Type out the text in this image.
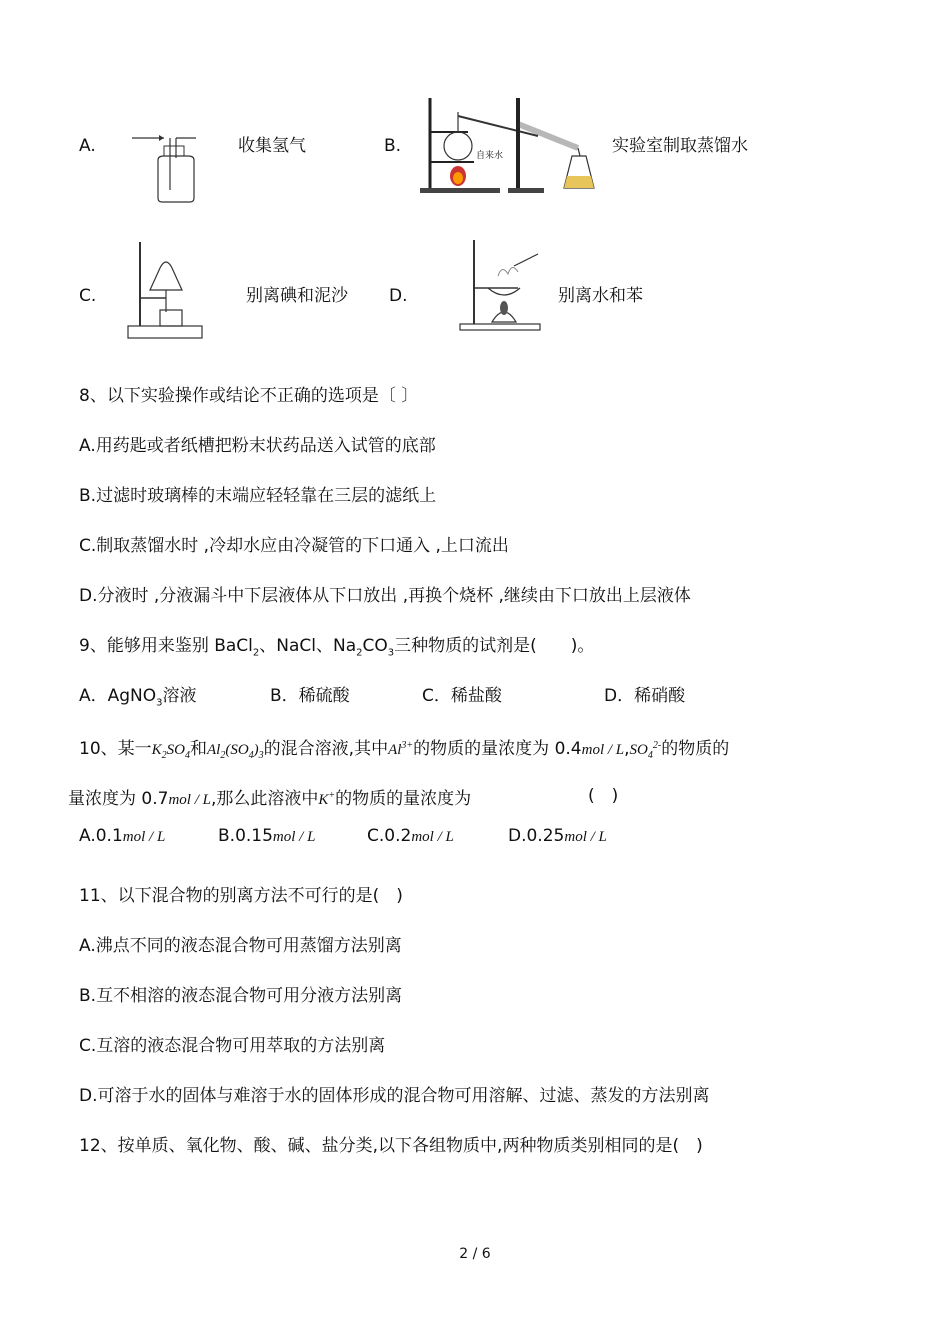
A.	收集氢气	B.	自来水	实验室制取蒸馏水
C.	别离碘和泥沙 D.	别离水和苯
8、以下实验操作或结论不正确的选项是〔 〕
A.用药匙或者纸槽把粉末状药品送入试管的底部
B.过滤时玻璃棒的末端应轻轻靠在三层的滤纸上
C.制取蒸馏水时 ,冷却水应由冷凝管的下口通入 ,上口流出
D.分液时 ,分液漏斗中下层液体从下口放出 ,再换个烧杯 ,继续由下口放出上层液体
9、能够用来鉴别 BaCl$_2$、NaCl、$Na_2CO_3$三种物质的试剂是(　　)。
A．AgNO$_3$溶液	B．稀硫酸	C．稀盐酸	D．稀硝酸
10、某一$K_2SO_4$和$Al_2(SO_4)_3$的混合溶液,其中$Al^{3+}$的物质的量浓度为 $0.4mol / L,SO_4^{2-}$的物质的
量浓度为 0.7mol / L,那么此溶液中K+的物质的量浓度为	(　)
A.0.1mol / L	B.0.15mol / L	C.0.2mol / L	D.0.25mol / L
11、以下混合物的别离方法不可行的是(　)
A.沸点不同的液态混合物可用蒸馏方法别离
B.互不相溶的液态混合物可用分液方法别离
C.互溶的液态混合物可用萃取的方法别离
D.可溶于水的固体与难溶于水的固体形成的混合物可用溶解、过滤、蒸发的方法别离
12、按单质、氧化物、酸、碱、盐分类,以下各组物质中,两种物质类别相同的是(　)
2 / 6
